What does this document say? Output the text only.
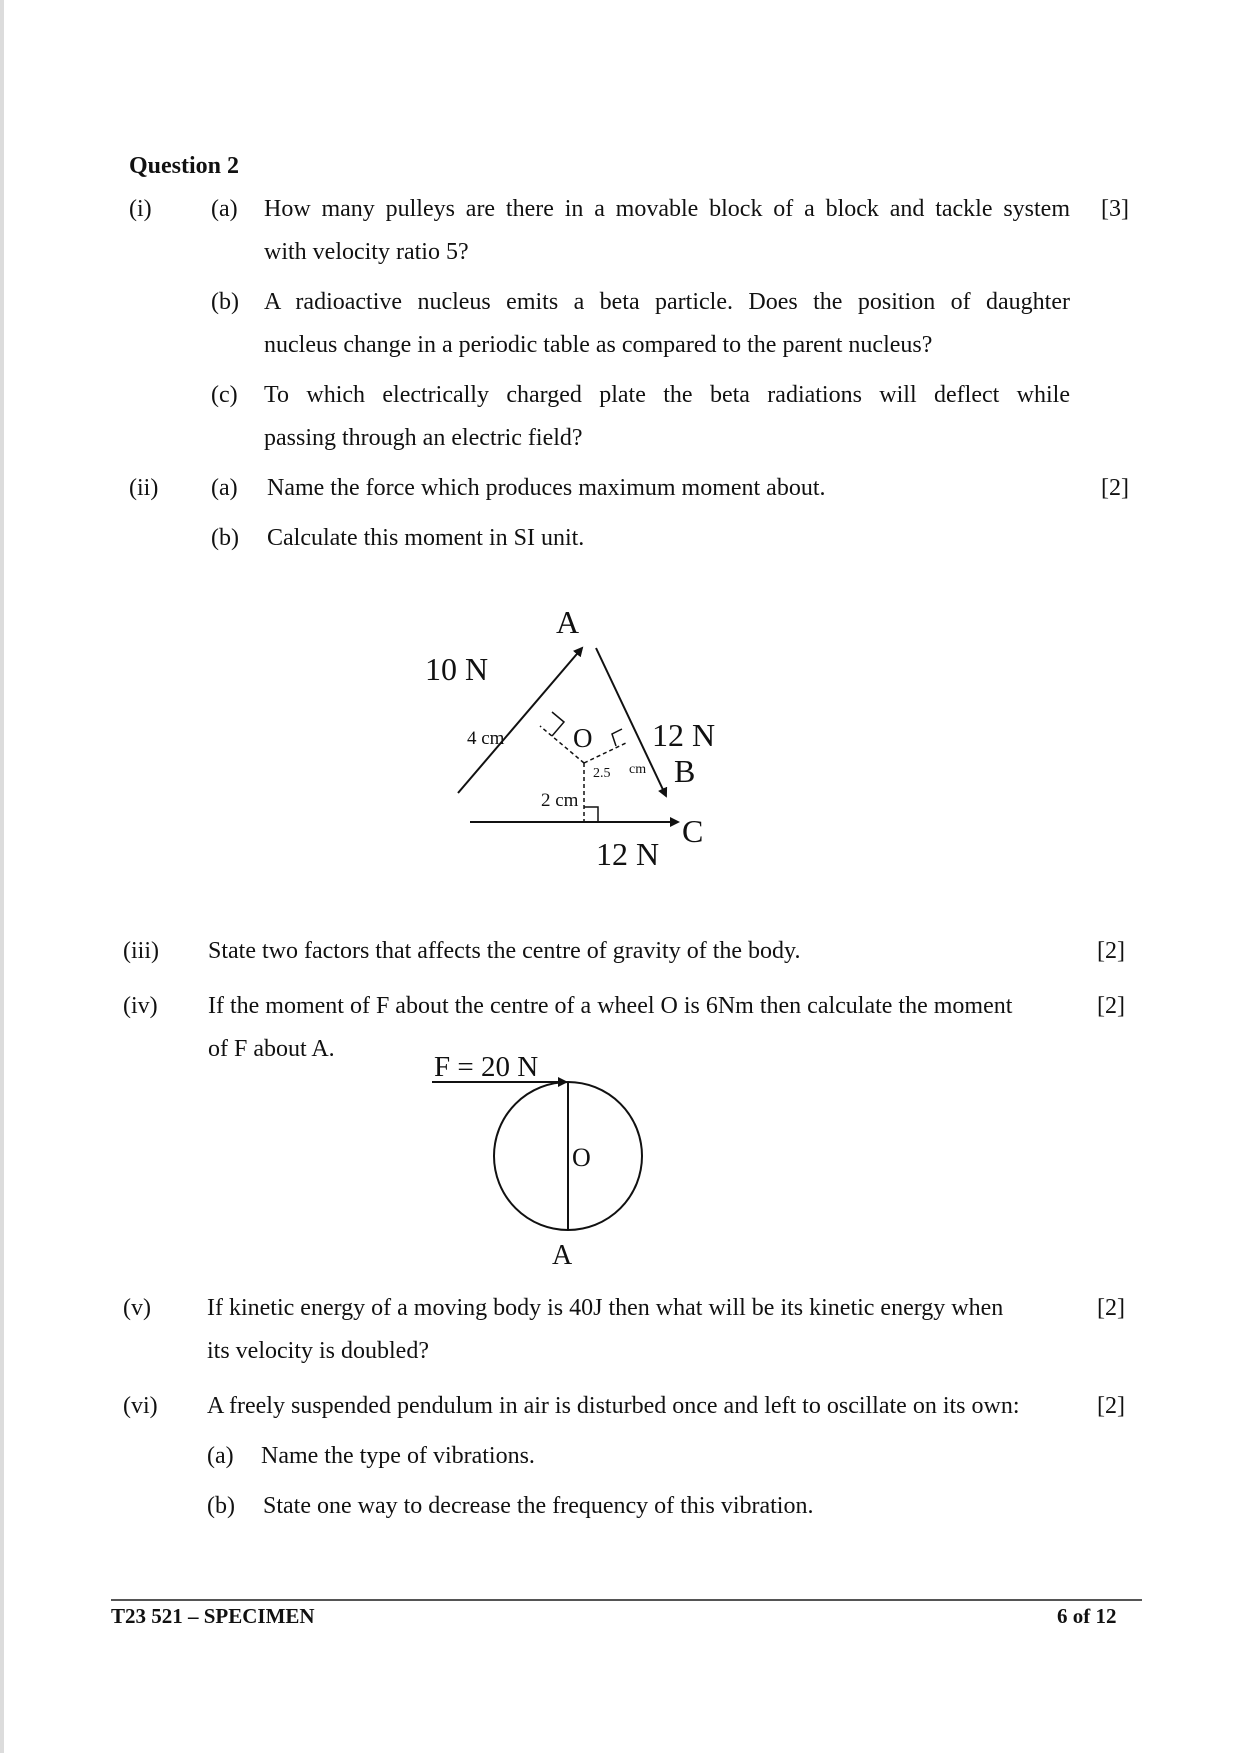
Question 2
(i) (a) How many pulleys are there in a movable block of a block and tackle system
with velocity ratio 5?
[3]
(b) A radioactive nucleus emits a beta particle. Does the position of daughter
nucleus change in a periodic table as compared to the parent nucleus?
(c) To which electrically charged plate the beta radiations will deflect while
passing through an electric field?
(ii) (a) Name the force which produces maximum moment about.	[2]
(b) Calculate this moment in SI unit.
A
10 N
4 cm	O 12 N
2.5 cm B
2 cm
C
12 N
(iii) State two factors that affects the centre of gravity of the body.	[2]
(iv) If the moment of F about the centre of a wheel O is 6Nm then calculate the moment
of F about A.
[2]
F = 20 N
O
A
(v) If kinetic energy of a moving body is 40J then what will be its kinetic energy when
its velocity is doubled?
[2]
(vi) A freely suspended pendulum in air is disturbed once and left to oscillate on its own:	[2]
(a) Name the type of vibrations.
(b) State one way to decrease the frequency of this vibration.
T23 521 – SPECIMEN	6 of 12
